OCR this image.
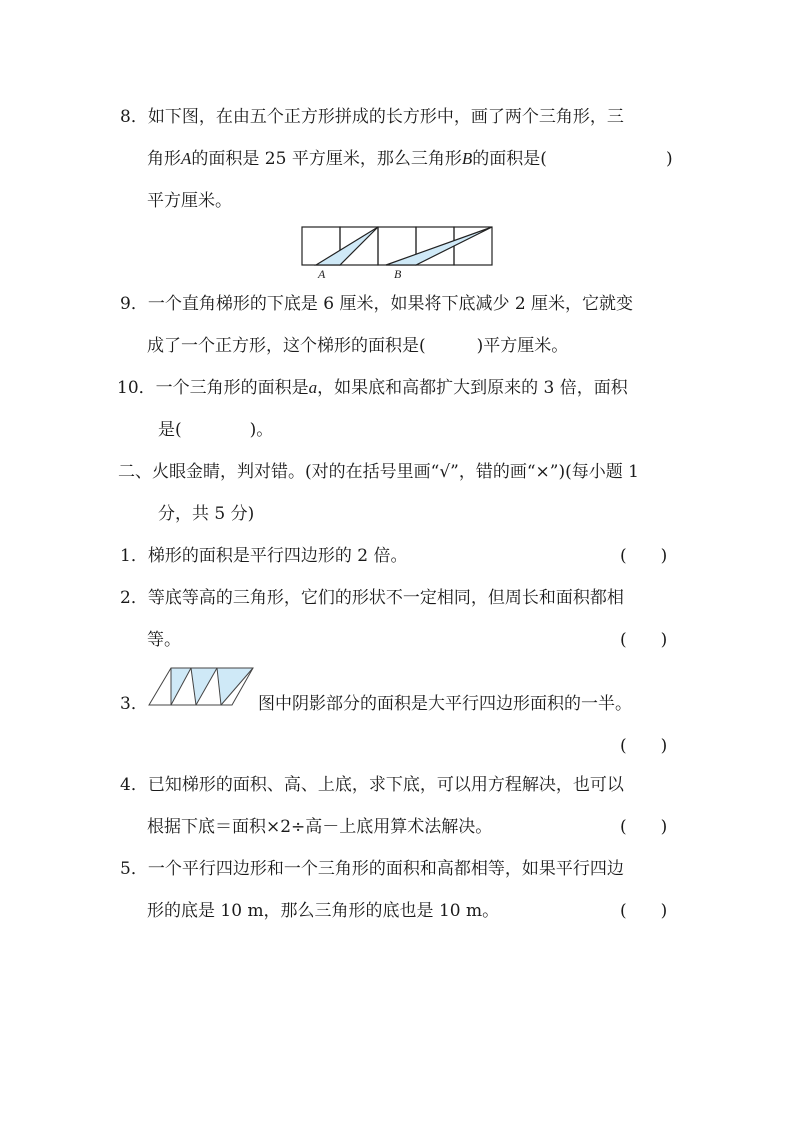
8．如下图，在由五个正方形拼成的长方形中，画了两个三角形，三
角形A的面积是 25 平方厘米，那么三角形B的面积是(	)
平方厘米。
A	B
9．一个直角梯形的下底是 6 厘米，如果将下底减少 2 厘米，它就变
成了一个正方形，这个梯形的面积是(　　　)平方厘米。
10．一个三角形的面积是a，如果底和高都扩大到原来的 3 倍，面积
是(　　　　)。
二、火眼金睛，判对错。(对的在括号里画“√”，错的画“×”)(每小题 1
分，共 5 分)
1．梯形的面积是平行四边形的 2 倍。	(　　)
2．等底等高的三角形，它们的形状不一定相同，但周长和面积都相
等。	(　　)
3．	图中阴影部分的面积是大平行四边形面积的一半。
(　　)
4．已知梯形的面积、高、上底，求下底，可以用方程解决，也可以
根据下底＝面积×2÷高－上底用算术法解决。	(　　)
5．一个平行四边形和一个三角形的面积和高都相等，如果平行四边
形的底是 10 m，那么三角形的底也是 10 m。	(　　)
